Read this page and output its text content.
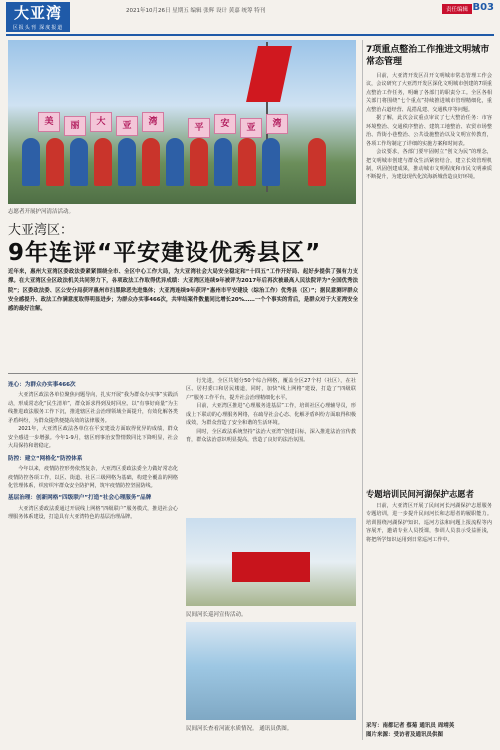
大亚湾
区报头刊 深度报道
2021年10月26日 星期五 编辑 张辉 设计 黄嘉 统筹 特刊	责任编辑 B03
美	丽	大	亚	湾
平	安	亚	湾
志愿者开展护河清洁活动。
大亚湾区：
9年连评“平安建设优秀县区”
近年来，惠州大亚湾区委政法委紧紧围绕全市、全区中心工作大局，为大亚湾社会大局安全稳定和“十四五”工作开好局、起好步提供了强有力支撑。在大亚湾区全区政法机关共同努力下，各项政法工作取得优异成绩：大亚湾区连续9年被评为2017年后再次被最高人民法院评为“全国优秀法院”；区委政法委、区公安分局获评惠州市扫黑除恶先进集体；大亚湾连续9年获评“惠州市平安建设（综治工作）优秀县（区）”；据民意测评群众安全感提升、政法工作满意度取得明显进步；为群众办实事466次，共审结案件数量同比增长20%……一个个事实的背后，是群众对于大亚湾安全感的最好注解。
连心：为群众办实事466次

大亚湾区政法各单位聚焦问题导向，扎实开展“我为群众办实事”实践活动，形成常态化“民生清单”，群众诉求得到及时回应。以“有事好商量”为主线推进政法服务工作下沉，推进辖区社会治理领域全面提升，有效化解各类矛盾纠纷，为群众提供便捷高效的法律服务。

2021年，大亚湾区政法各单位在平安建设方面取得优异的成绩，群众安全感进一步增强。今年1-9月，辖区刑事治安警情数同比下降明显，社会大局保持和谐稳定。

防控：建立“网格化”防控体系

今年以来，疫情防控形势依然复杂，大亚湾区委政法委全力做好常态化疫情防控各项工作，以区、街道、社区三级网格为基础，构建全覆盖的网格化管理体系，织密织牢群众安全防护网，筑牢疫情防控坚固防线。

基层治理：创新网格“四级联户”打造“社会心理服务”品牌

大亚湾区委政法委通过开展线上网格“四级联户”服务模式，推进社会心理服务体系建设，打造具有大亚湾特色的基层治理品牌。

行先进，全区共划分50个综合网格，覆盖全区27个村（社区），在社区、居村委口和居民楼道，同时，加快“线上网格”建设，打造了“四级联户”服务工作平台，提升社会治理精细化水平。

目前，大亚湾区推进“心理服务进基层”工作，培训社区心理辅导员，形成上下联动的心理服务网络，在疏导社会心态、化解矛盾纠纷方面取得积极成效，为群众营造了安全和谐的生活环境。

同时，全区政法系统坚持“法治大亚湾”创建目标，深入推进法治宣传教育，群众法治意识明显提高，营造了良好的法治氛围。

民间河长巡河宣传活动。
民间河长查看河流水质情况。 通讯员供图。
7项重点整治工作推进文明城市常态管理

目前，大亚湾开发区召开文明城市常态管理工作会议，会议研究了大亚湾开发区深化文明城市创建的7项重点整治工作任务，明确了各部门的职责分工。全区各相关部门将围绕“七个重点”持续推进城市管理精细化，重点整治占道经营、乱搭乱建、交通秩序等问题。

据了解，此次会议重点审议了七大整治任务：市容环境整治、交通秩序整治、建筑工地整治、农贸市场整治、背街小巷整治、公共设施整治以及文明宣传教育，各项工作均制定了详细的实施方案和时间表。

会议要求，各部门要牢固树立“创文为民”的理念，把文明城市创建与群众生活紧密结合，建立长效管理机制，巩固创建成果，推动城市文明程度和市民文明素质不断提升，为建设现代化滨海新城营造良好环境。

专题培训民间河湖保护志愿者

日前，大亚湾区开展了民间河长河湖保护志愿服务专题培训，进一步提升民间河长和志愿者的履职能力。培训围绕河湖保护知识、巡河方法和问题上报流程等内容展开，邀请专业人员授课，参训人员表示受益匪浅，将把所学知识运用到日常巡河工作中。

采写：南都记者 蔡菊 通讯员 周靖英
图片来源：受访者及通讯员供图
